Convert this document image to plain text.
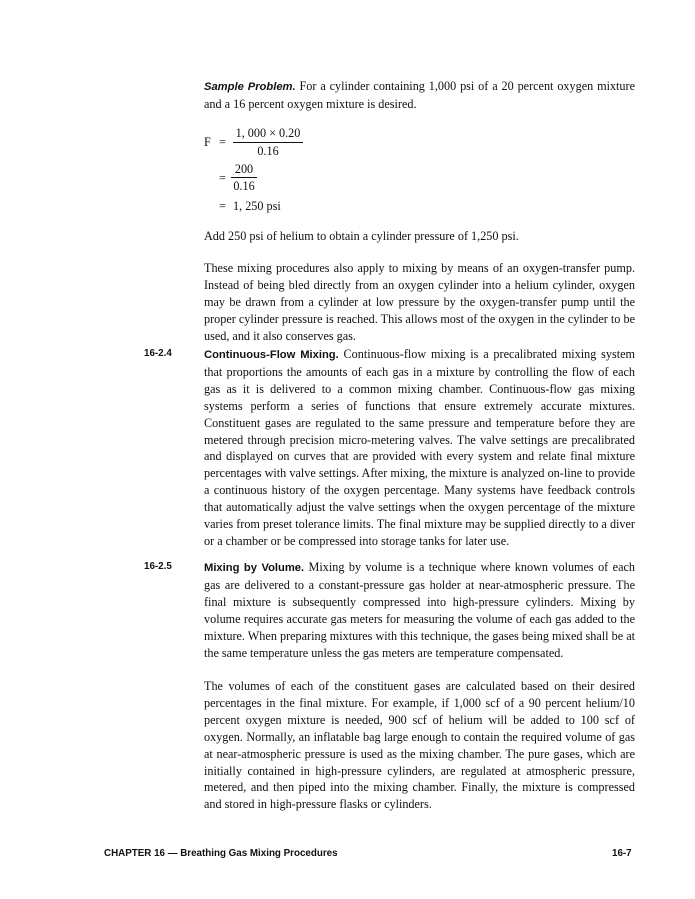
Sample Problem. For a cylinder containing 1,000 psi of a 20 percent oxygen mixture and a 16 percent oxygen mixture is desired.

F =
1, 000 × 0.20
0.16
=
200
0.16
= 1, 250 psi

Add 250 psi of helium to obtain a cylinder pressure of 1,250 psi.

These mixing procedures also apply to mixing by means of an oxygen-transfer pump. Instead of being bled directly from an oxygen cylinder into a helium cylinder, oxygen may be drawn from a cylinder at low pressure by the oxygen-transfer pump until the proper cylinder pressure is reached. This allows most of the oxygen in the cylinder to be used, and it also conserves gas.

16-2.4	Continuous-Flow Mixing. Continuous-flow mixing is a precalibrated mixing system that proportions the amounts of each gas in a mixture by controlling the flow of each gas as it is delivered to a common mixing chamber. Continuous-flow gas mixing systems perform a series of functions that ensure extremely accurate mixtures. Constituent gases are regulated to the same pressure and temperature before they are metered through precision micro-metering valves. The valve settings are precalibrated and displayed on curves that are provided with every system and relate final mixture percentages with valve settings. After mixing, the mixture is analyzed on-line to provide a continuous history of the oxygen percentage. Many systems have feedback controls that automatically adjust the valve settings when the oxygen percentage of the mixture varies from preset tolerance limits. The final mixture may be supplied directly to a diver or a chamber or be compressed into storage tanks for later use.

16-2.5	Mixing by Volume. Mixing by volume is a technique where known volumes of each gas are delivered to a constant-pressure gas holder at near-atmospheric pressure. The final mixture is subsequently compressed into high-pressure cylinders. Mixing by volume requires accurate gas meters for measuring the volume of each gas added to the mixture. When preparing mixtures with this technique, the gases being mixed shall be at the same temperature unless the gas meters are temperature compensated.

The volumes of each of the constituent gases are calculated based on their desired percentages in the final mixture. For example, if 1,000 scf of a 90 percent helium/10 percent oxygen mixture is needed, 900 scf of helium will be added to 100 scf of oxygen. Normally, an inflatable bag large enough to contain the required volume of gas at near-atmospheric pressure is used as the mixing chamber. The pure gases, which are initially contained in high-pressure cylinders, are regulated at atmospheric pressure, metered, and then piped into the mixing chamber. Finally, the mixture is compressed and stored in high-pressure flasks or cylinders.

CHAPTER 16 — Breathing Gas Mixing Procedures	16-7
